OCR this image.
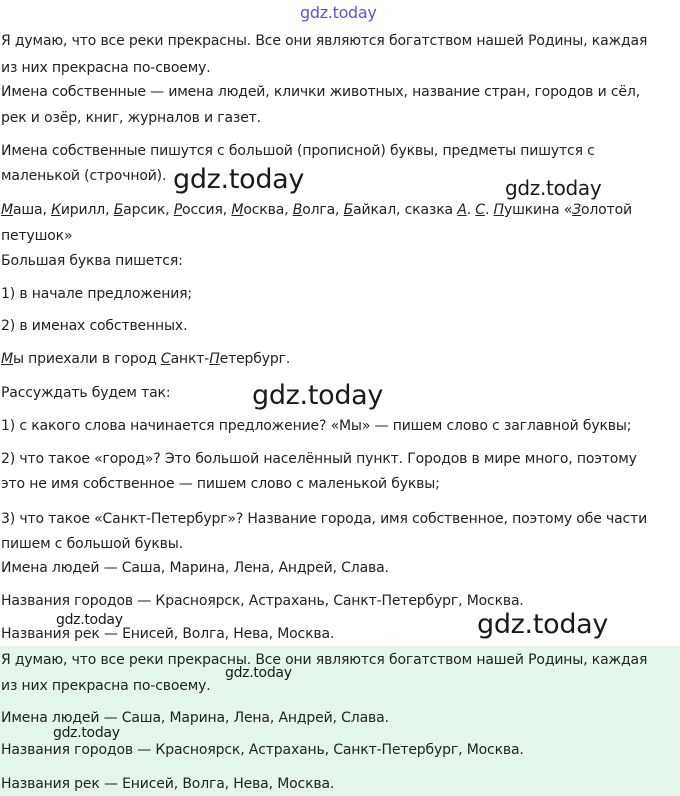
gdz.today
Я думаю, что все реки прекрасны. Все они являются богатством нашей Родины, каждая
из них прекрасна по-своему.
Имена собственные — имена людей, клички животных, название стран, городов и сёл,
рек и озёр, книг, журналов и газет.
Имена собственные пишутся с большой (прописной) буквы, предметы пишутся с
маленькой (строчной).
Маша, Кирилл, Барсик, Россия, Москва, Волга, Байкал, сказка А. С. Пушкина «Золотой
петушок»
Большая буква пишется:
1) в начале предложения;
2) в именах собственных.
Мы приехали в город Санкт-Петербург.
Рассуждать будем так:
1) с какого слова начинается предложение? «Мы» — пишем слово с заглавной буквы;
2) что такое «город»? Это большой населённый пункт. Городов в мире много, поэтому
это не имя собственное — пишем слово с маленькой буквы;
3) что такое «Санкт-Петербург»? Название города, имя собственное, поэтому обе части
пишем с большой буквы.
Имена людей — Саша, Марина, Лена, Андрей, Слава.
Названия городов — Красноярск, Астрахань, Санкт-Петербург, Москва.
Названия рек — Енисей, Волга, Нева, Москва.
Я думаю, что все реки прекрасны. Все они являются богатством нашей Родины, каждая
из них прекрасна по-своему.
Имена людей — Саша, Марина, Лена, Андрей, Слава.
Названия городов — Красноярск, Астрахань, Санкт-Петербург, Москва.
Названия рек — Енисей, Волга, Нева, Москва.
gdz.today	gdz.today
gdz.today
gdz.today	gdz.today
gdz.today
gdz.today
